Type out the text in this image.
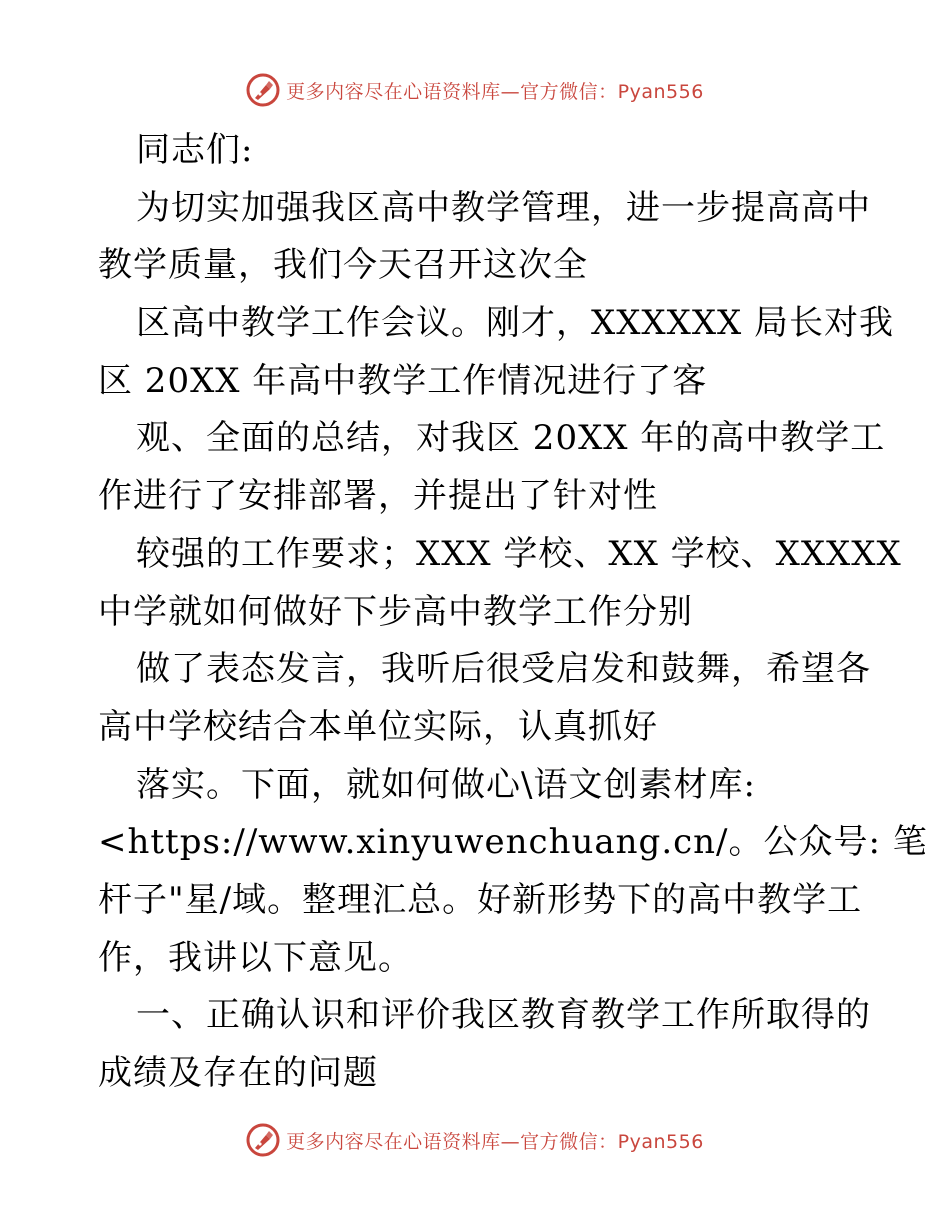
更多内容尽在心语资料库—官方微信：Pyan556
同志们:
为切实加强我区高中教学管理，进一步提高高中
教学质量，我们今天召开这次全
区高中教学工作会议。刚才，XXXXXX 局长对我
区 20XX 年高中教学工作情况进行了客
观、全面的总结，对我区 20XX 年的高中教学工
作进行了安排部署，并提出了针对性
较强的工作要求；XXX 学校、XX 学校、XXXXX
中学就如何做好下步高中教学工作分别
做了表态发言，我听后很受启发和鼓舞，希望各
高中学校结合本单位实际，认真抓好
落实。下面，就如何做心\语文创素材库:
<https://www.xinyuwenchuang.cn/。公众号: 笔
杆子"星/域。整理汇总。好新形势下的高中教学工
作，我讲以下意见。
一、正确认识和评价我区教育教学工作所取得的
成绩及存在的问题
更多内容尽在心语资料库—官方微信：Pyan556
